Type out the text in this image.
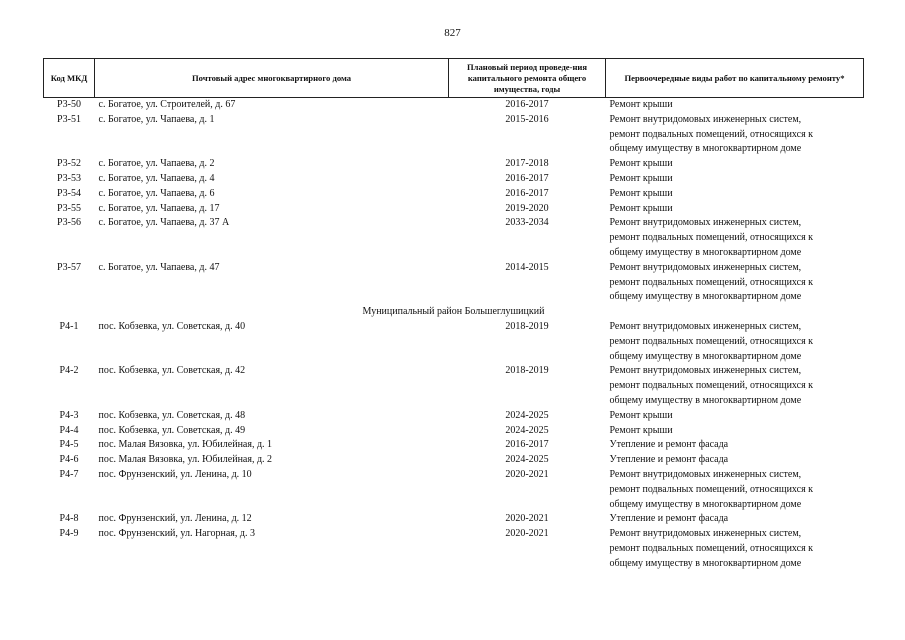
827
Код МКД	Почтовый адрес многоквартирного дома	Плановый период проведе-ния капитального ремонта общего имущества, годы	Первоочередные виды работ по капитальному ремонту*
Р3-50	с. Богатое, ул. Строителей, д. 67	2016-2017	Ремонт крыши

Р3-51	с. Богатое, ул. Чапаева, д. 1	2015-2016	Ремонт внутридомовых инженерных систем,
ремонт подвальных помещений, относящихся к
общему имуществу в многоквартирном доме

Р3-52	с. Богатое, ул. Чапаева, д. 2	2017-2018	Ремонт крыши

Р3-53	с. Богатое, ул. Чапаева, д. 4	2016-2017	Ремонт крыши

Р3-54	с. Богатое, ул. Чапаева, д. 6	2016-2017	Ремонт крыши

Р3-55	с. Богатое, ул. Чапаева, д. 17	2019-2020	Ремонт крыши

Р3-56	с. Богатое, ул. Чапаева, д. 37 А	2033-2034	Ремонт внутридомовых инженерных систем,
ремонт подвальных помещений, относящихся к
общему имуществу в многоквартирном доме

Р3-57	с. Богатое, ул. Чапаева, д. 47	2014-2015	Ремонт внутридомовых инженерных систем,
ремонт подвальных помещений, относящихся к
общему имуществу в многоквартирном доме

Муниципальный район Большеглушицкий			
Р4-1	пос. Кобзевка, ул. Советская, д. 40	2018-2019	Ремонт внутридомовых инженерных систем,
ремонт подвальных помещений, относящихся к
общему имуществу в многоквартирном доме

Р4-2	пос. Кобзевка, ул. Советская, д. 42	2018-2019	Ремонт внутридомовых инженерных систем,
ремонт подвальных помещений, относящихся к
общему имуществу в многоквартирном доме

Р4-3	пос. Кобзевка, ул. Советская, д. 48	2024-2025	Ремонт крыши

Р4-4	пос. Кобзевка, ул. Советская, д. 49	2024-2025	Ремонт крыши

Р4-5	пос. Малая Вязовка, ул. Юбилейная, д. 1	2016-2017	Утепление и ремонт фасада

Р4-6	пос. Малая Вязовка, ул. Юбилейная, д. 2	2024-2025	Утепление и ремонт фасада

Р4-7	пос. Фрунзенский, ул. Ленина, д. 10	2020-2021	Ремонт внутридомовых инженерных систем,
ремонт подвальных помещений, относящихся к
общему имуществу в многоквартирном доме

Р4-8	пос. Фрунзенский, ул. Ленина, д. 12	2020-2021	Утепление и ремонт фасада

Р4-9	пос. Фрунзенский, ул. Нагорная, д. 3	2020-2021	Ремонт внутридомовых инженерных систем,
ремонт подвальных помещений, относящихся к
общему имуществу в многоквартирном доме
